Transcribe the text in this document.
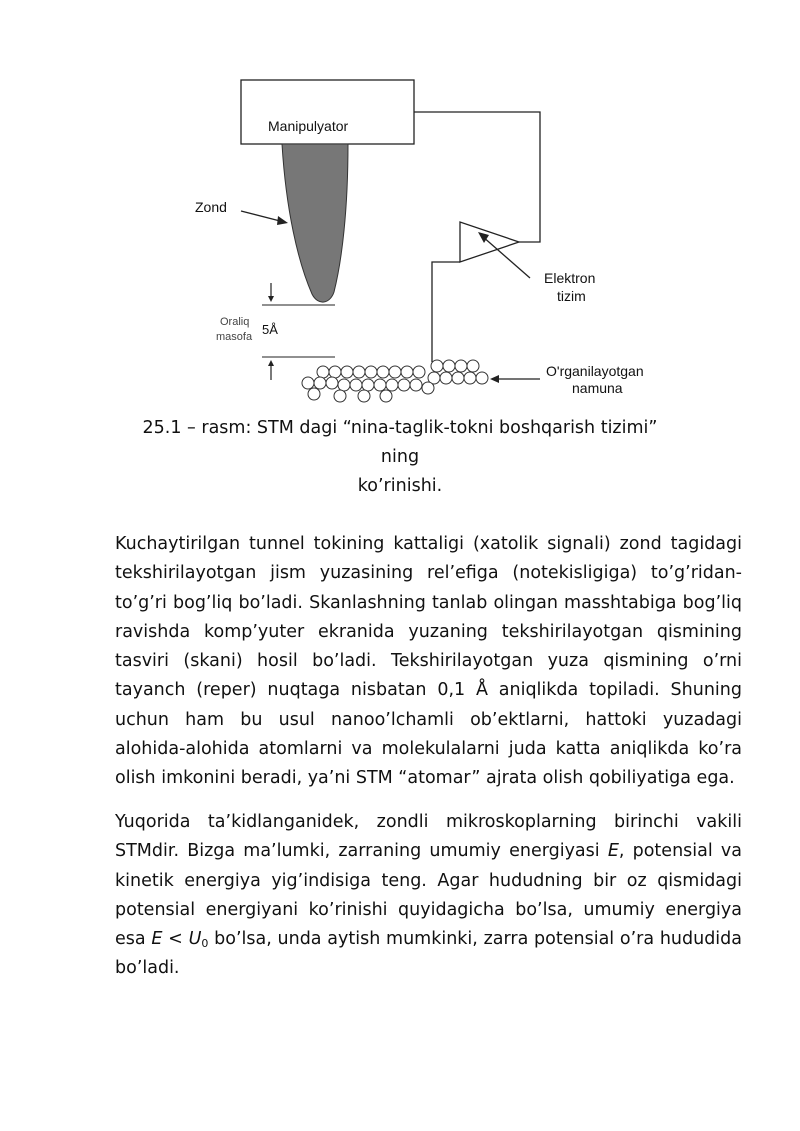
Manipulyator
Zond
Elektron
tizim
Oraliq
masofa 5Å
O'rganilayotgan
namuna
25.1 – rasm: STM dagi “nina-taglik-tokni boshqarish tizimi” ning
ko’rinishi.

Kuchaytirilgan tunnel tokining kattaligi (xatolik signali) zond tagidagi tekshirilayotgan jism yuzasining rel’efiga (notekisligiga) to’g’ridan-to’g’ri bog’liq bo’ladi. Skanlashning tanlab olingan masshtabiga bog’liq ravishda komp’yuter ekranida yuzaning tekshirilayotgan qismining tasviri (skani) hosil bo’ladi. Tekshirilayotgan yuza qismining o’rni tayanch (reper) nuqtaga nisbatan 0,1 Å aniqlikda topiladi. Shuning uchun ham bu usul nanoo’lchamli ob’ektlarni, hattoki yuzadagi alohida-alohida atomlarni va molekulalarni juda katta aniqlikda ko’ra olish imkonini beradi, ya’ni STM “atomar” ajrata olish qobiliyatiga ega.

Yuqorida ta’kidlanganidek, zondli mikroskoplarning birinchi vakili STMdir. Bizga ma’lumki, zarraning umumiy energiyasi E, potensial va kinetik energiya yig’indisiga teng. Agar hududning bir oz qismidagi potensial energiyani ko’rinishi quyidagicha bo’lsa, umumiy energiya esa $E < U_0$ bo’lsa, unda aytish mumkinki, zarra potensial o’ra hududida bo’ladi.
